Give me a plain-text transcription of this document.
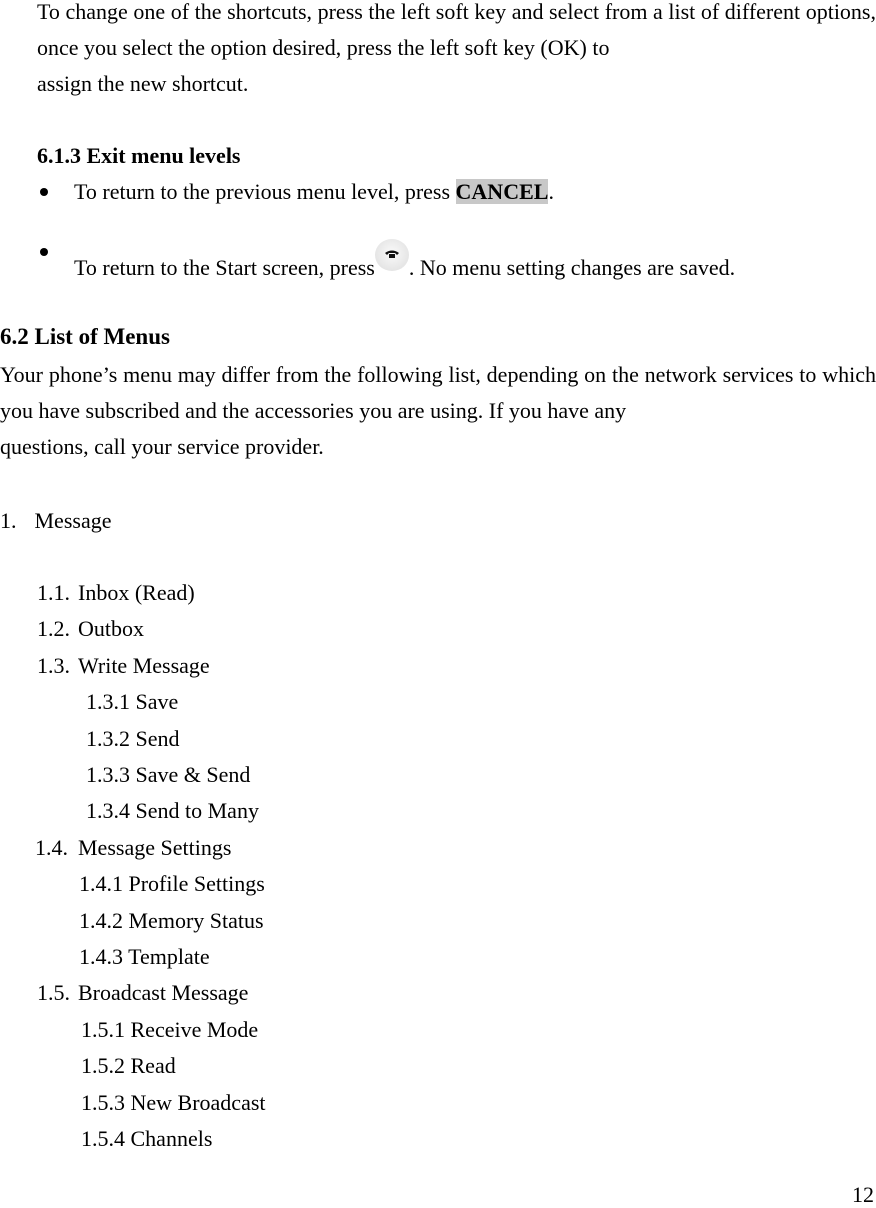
To change one of the shortcuts, press the left soft key and select from a list of different options, once you select the option desired, press the left soft key (OK) to
assign the new shortcut.
6.1.3 Exit menu levels
To return to the previous menu level, press CANCEL.
To return to the Start screen, press . No menu setting changes are saved.
6.2 List of Menus
Your phone’s menu may differ from the following list, depending on the network services to which you have subscribed and the accessories you are using. If you have any
questions, call your service provider.
1. Message
1.1. Inbox (Read)
1.2. Outbox
1.3. Write Message
1.3.1 Save
1.3.2 Send
1.3.3 Save & Send
1.3.4 Send to Many
1.4. Message Settings
1.4.1 Profile Settings
1.4.2 Memory Status
1.4.3 Template
1.5. Broadcast Message
1.5.1 Receive Mode
1.5.2 Read
1.5.3 New Broadcast
1.5.4 Channels
12
